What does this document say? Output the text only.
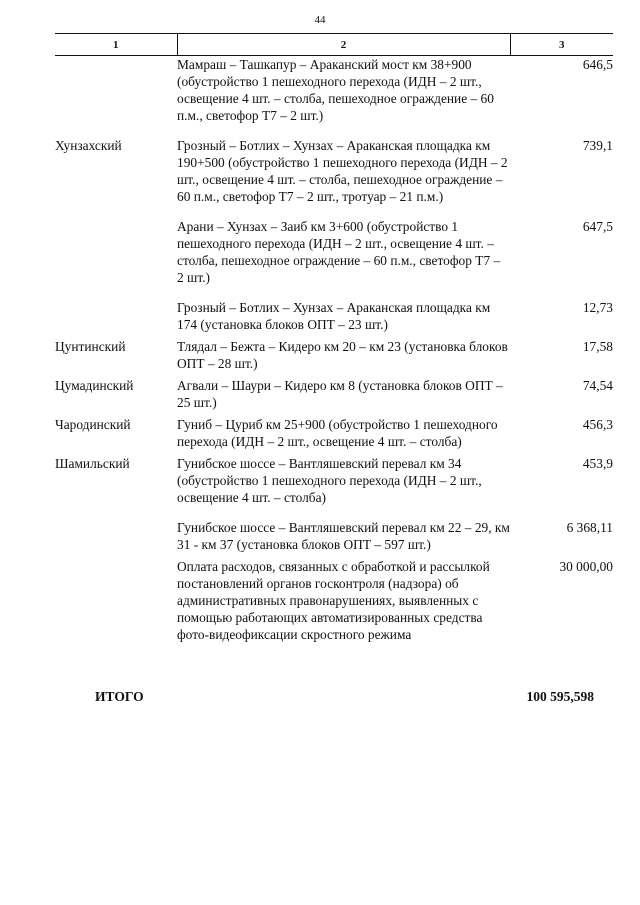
44
1	2	3
	Мамраш – Ташкапур – Араканский мост км 38+900 (обустройство 1 пешеходного перехода (ИДН – 2 шт., освещение 4 шт. – столба, пешеходное ограждение – 60 п.м., светофор Т7 – 2 шт.)	646,5

Хунзахский	Грозный – Ботлих – Хунзах – Араканская площадка км 190+500 (обустройство 1 пешеходного перехода (ИДН – 2 шт., освещение 4 шт. – столба, пешеходное ограждение – 60 п.м., светофор Т7 – 2 шт., тротуар – 21 п.м.)	739,1

	Арани – Хунзах – Заиб км 3+600 (обустройство 1 пешеходного перехода (ИДН – 2 шт., освещение 4 шт. – столба, пешеходное ограждение – 60 п.м., светофор Т7 – 2 шт.)	647,5

	Грозный – Ботлих – Хунзах – Араканская площадка км 174 (установка блоков ОПТ – 23 шт.)	12,73

Цунтинский	Тлядал – Бежта – Кидеро км 20 – км 23 (установка блоков ОПТ – 28 шт.)	17,58

Цумадинский	Агвали – Шаури – Кидеро км 8 (установка блоков ОПТ – 25 шт.)	74,54

Чародинский	Гуниб – Цуриб км 25+900 (обустройство 1 пешеходного перехода (ИДН – 2 шт., освещение 4 шт. – столба)	456,3

Шамильский	Гунибское шоссе – Вантляшевский перевал км 34 (обустройство 1 пешеходного перехода (ИДН – 2 шт., освещение 4 шт. – столба)	453,9

	Гунибское шоссе – Вантляшевский перевал км 22 – 29, км 31 - км 37 (установка блоков ОПТ – 597 шт.)	6 368,11

	Оплата расходов, связанных с обработкой и рассылкой постановлений органов госконтроля (надзора) об административных правонарушениях, выявленных с помощью работающих автоматизированных средства фото-видеофиксации скростного режима	30 000,00
ИТОГО	100 595,598
